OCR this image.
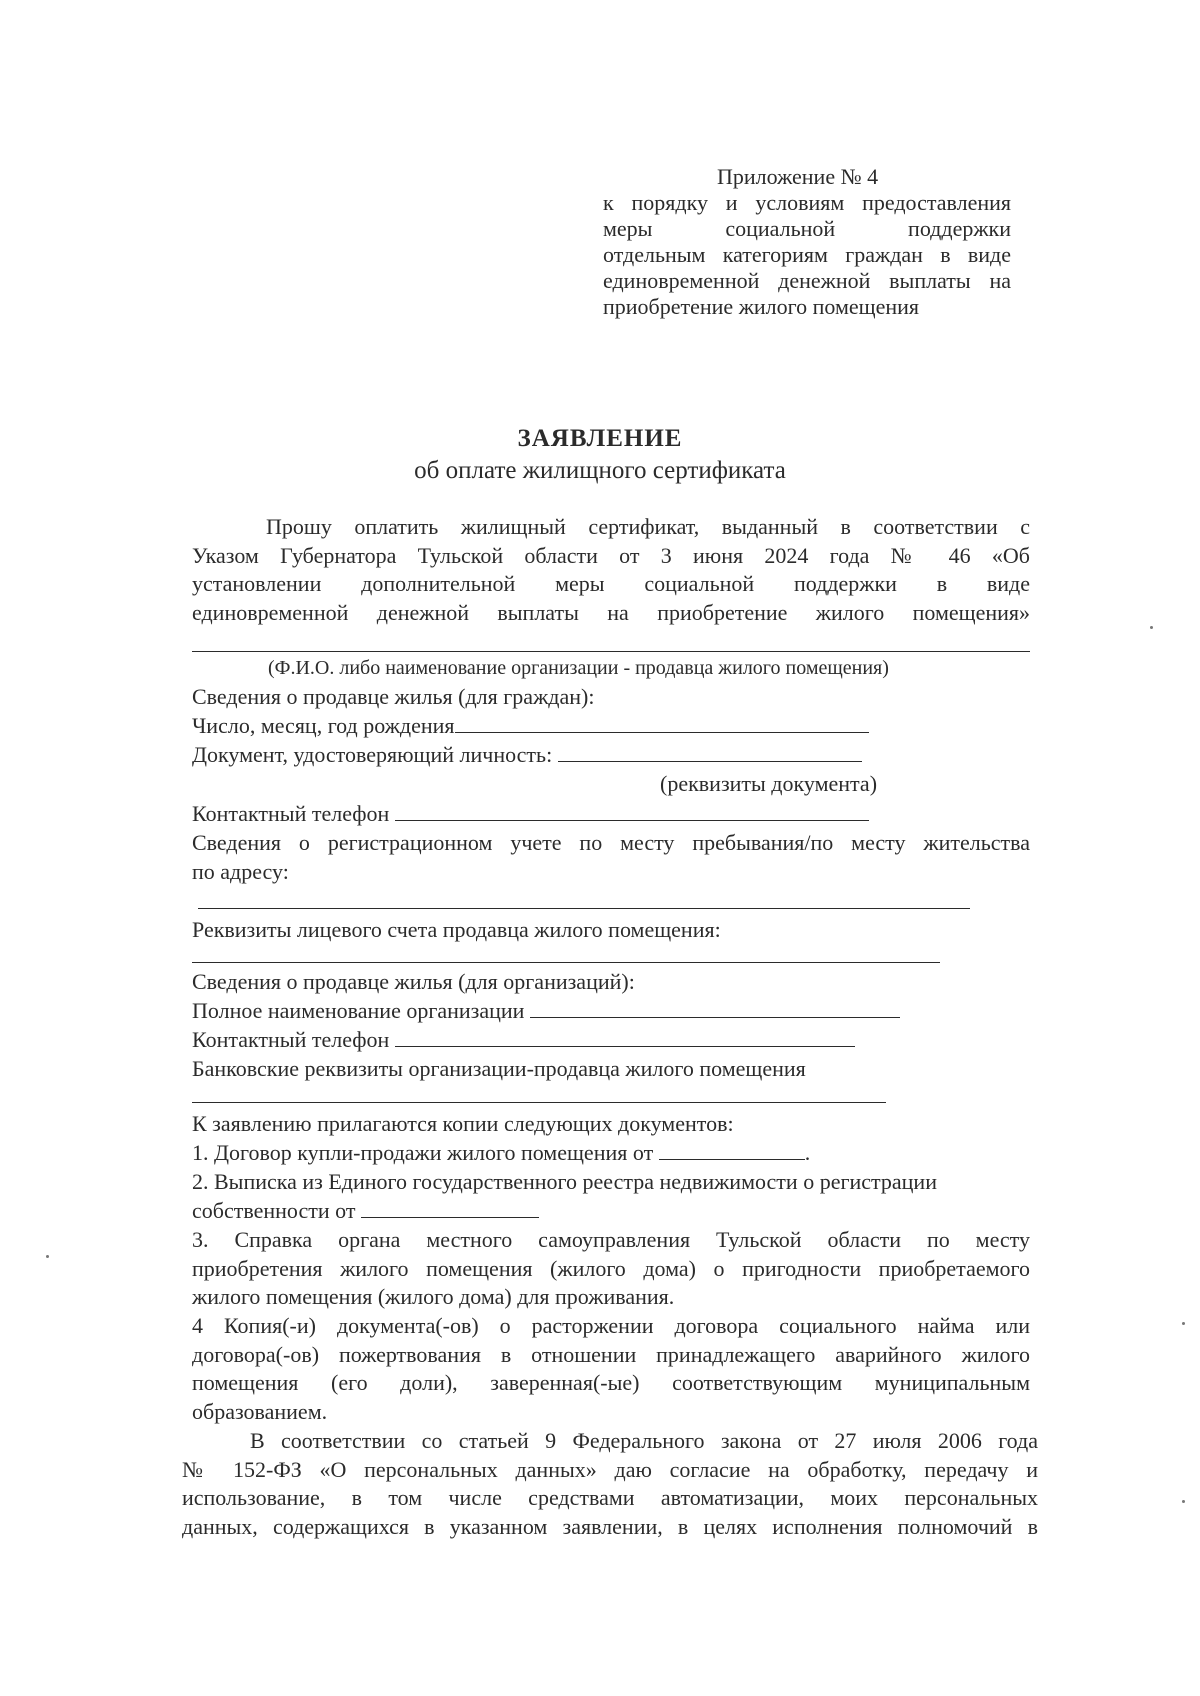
Приложение № 4
к порядку и условиям предоставления
меры социальной поддержки
отдельным категориям граждан в виде
единовременной денежной выплаты на
приобретение жилого помещения
ЗАЯВЛЕНИЕ
об оплате жилищного сертификата
Прошу оплатить жилищный сертификат, выданный в соответствии с
Указом Губернатора Тульской области от 3 июня 2024 года № 46 «Об
установлении дополнительной меры социальной поддержки в виде
единовременной денежной выплаты на приобретение жилого помещения»
(Ф.И.О. либо наименование организации - продавца жилого помещения)
Сведения о продавце жилья (для граждан):
Число, месяц, год рождения
Документ, удостоверяющий личность:
(реквизиты документа)
Контактный телефон
Сведения о регистрационном учете по месту пребывания/по месту жительства
по адресу:
Реквизиты лицевого счета продавца жилого помещения:
Сведения о продавце жилья (для организаций):
Полное наименование организации
Контактный телефон
Банковские реквизиты организации-продавца жилого помещения
К заявлению прилагаются копии следующих документов:
1. Договор купли-продажи жилого помещения от	.
2. Выписка из Единого государственного реестра недвижимости о регистрации
собственности от
3. Справка органа местного самоуправления Тульской области по месту
приобретения жилого помещения (жилого дома) о пригодности приобретаемого
жилого помещения (жилого дома) для проживания.
4 Копия(-и) документа(-ов) о расторжении договора социального найма или
договора(-ов) пожертвования в отношении принадлежащего аварийного жилого
помещения (его доли), заверенная(-ые) соответствующим муниципальным
образованием.
В соответствии со статьей 9 Федерального закона от 27 июля 2006 года
№ 152-ФЗ «О персональных данных» даю согласие на обработку, передачу и
использование, в том числе средствами автоматизации, моих персональных
данных, содержащихся в указанном заявлении, в целях исполнения полномочий в
